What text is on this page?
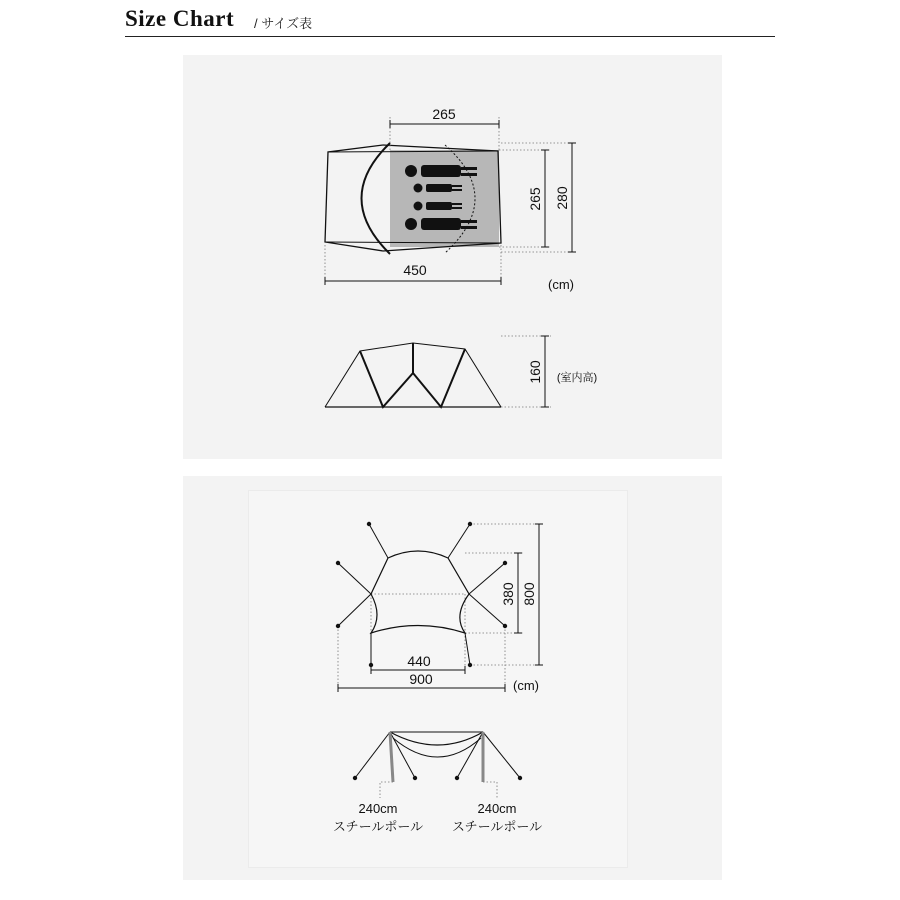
Size Chart / サイズ表
265
265 280
450
(cm)
160 (室内高)
380 800
440
900	(cm)
240cm
スチールポール
240cm
スチールポール
